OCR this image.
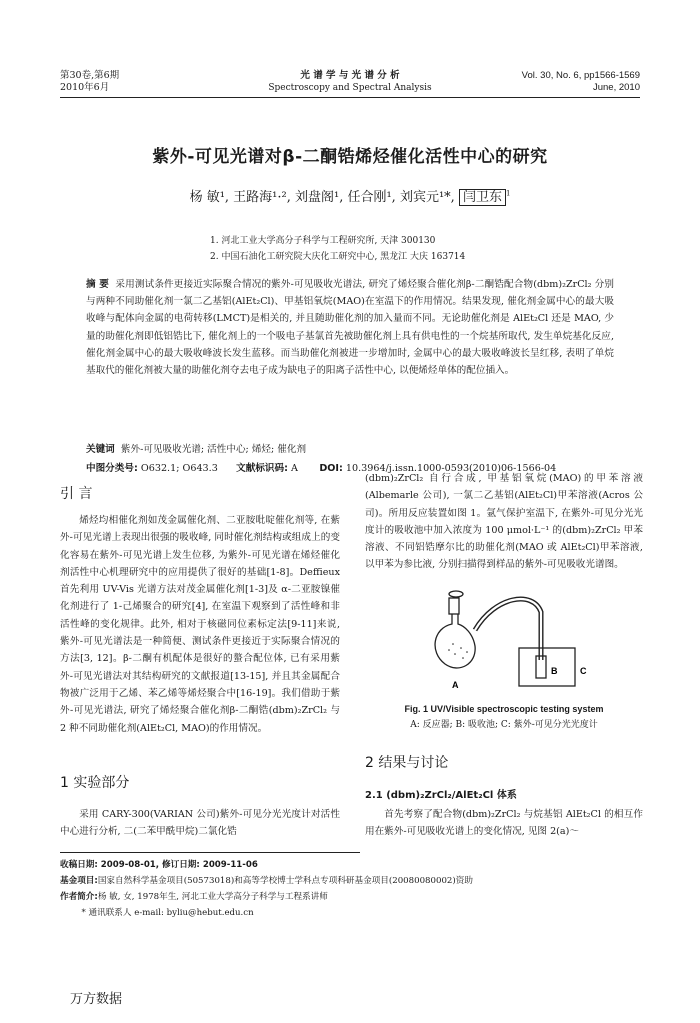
第30卷,第6期
2010年6月
光 谱 学 与 光 谱 分 析
Spectroscopy and Spectral Analysis
Vol. 30, No. 6, pp1566-1569
June, 2010
紫外-可见光谱对β-二酮锆烯烃催化活性中心的研究
杨 敏¹, 王路海¹·², 刘盘阁¹, 任合刚¹, 刘宾元¹*, 闫卫东 $^1$
1. 河北工业大学高分子科学与工程研究所, 天津 300130
2. 中国石油化工研究院大庆化工研究中心, 黑龙江 大庆 163714
摘 要 采用测试条件更接近实际聚合情况的紫外-可见吸收光谱法, 研究了烯烃聚合催化剂β-二酮锆配合物(dbm)₂ZrCl₂ 分别与两种不同助催化剂一氯二乙基铝(AlEt₂Cl)、甲基铝氧烷(MAO)在室温下的作用情况。结果发现, 催化剂金属中心的最大吸收峰与配体向金属的电荷转移(LMCT)是相关的, 并且随助催化剂的加入量而不同。无论助催化剂是 AlEt₂Cl 还是 MAO, 少量的助催化剂即低铝锆比下, 催化剂上的一个吸电子基氯首先被助催化剂上具有供电性的一个烷基所取代, 发生单烷基化反应, 催化剂金属中心的最大吸收峰波长发生蓝移。而当助催化剂被进一步增加时, 金属中心的最大吸收峰波长呈红移, 表明了单烷基取代的催化剂被大量的助催化剂夺去电子成为缺电子的阳离子活性中心, 以便烯烃单体的配位插入。
关键词 紫外-可见吸收光谱; 活性中心; 烯烃; 催化剂
中图分类号: O632.1; O643.3 文献标识码: A DOI: 10.3964/j.issn.1000-0593(2010)06-1566-04
引 言
烯烃均相催化剂如茂金属催化剂、二亚胺吡啶催化剂等, 在紫外-可见光谱上表现出很强的吸收峰, 同时催化剂结构或组成上的变化容易在紫外-可见光谱上发生位移, 为紫外-可见光谱在烯烃催化剂活性中心机理研究中的应用提供了很好的基础[1-8]。Deffieux 首先利用 UV-Vis 光谱方法对茂金属催化剂[1-3]及 α-二亚胺镍催化剂进行了 1-己烯聚合的研究[4], 在室温下观察到了活性峰和非活性峰的变化规律。此外, 相对于核磁同位素标定法[9-11]来说, 紫外-可见光谱法是一种简便、测试条件更接近于实际聚合情况的方法[3, 12]。β-二酮有机配体是很好的螯合配位体, 已有采用紫外-可见光谱法对其结构研究的文献报道[13-15], 并且其金属配合物被广泛用于乙烯、苯乙烯等烯烃聚合中[16-19]。我们借助于紫外-可见光谱法, 研究了烯烃聚合催化剂β-二酮锆(dbm)₂ZrCl₂ 与 2 种不同助催化剂(AlEt₂Cl, MAO)的作用情况。
1 实验部分
采用 CARY-300(VARIAN 公司)紫外-可见分光光度计对活性中心进行分析, 二(二苯甲酰甲烷)二氯化锆
(dbm)₂ZrCl₂ 自行合成, 甲基铝氧烷(MAO)的甲苯溶液(Albemarle 公司), 一氯二乙基铝(AlEt₂Cl)甲苯溶液(Acros 公司)。所用反应装置如图 1。氩气保护室温下, 在紫外-可见分光光度计的吸收池中加入浓度为 100 μmol·L⁻¹ 的(dbm)₂ZrCl₂ 甲苯溶液、不同铝锆摩尔比的助催化剂(MAO 或 AlEt₂Cl)甲苯溶液, 以甲苯为参比液, 分别扫描得到样品的紫外-可见吸收光谱图。
A
B	C
Fig. 1 UV/Visible spectroscopic testing system
A: 反应器; B: 吸收池; C: 紫外-可见分光光度计
2 结果与讨论
2.1 (dbm)₂ZrCl₂/AlEt₂Cl 体系
首先考察了配合物(dbm)₂ZrCl₂ 与烷基铝 AlEt₂Cl 的相互作用在紫外-可见吸收光谱上的变化情况, 见图 2(a)～
收稿日期: 2009-08-01, 修订日期: 2009-11-06
基金项目:国家自然科学基金项目(50573018)和高等学校博士学科点专项科研基金项目(20080080002)资助
作者简介:杨 敏, 女, 1978年生, 河北工业大学高分子科学与工程系讲师
* 通讯联系人 e-mail: byliu@hebut.edu.cn
万方数据
